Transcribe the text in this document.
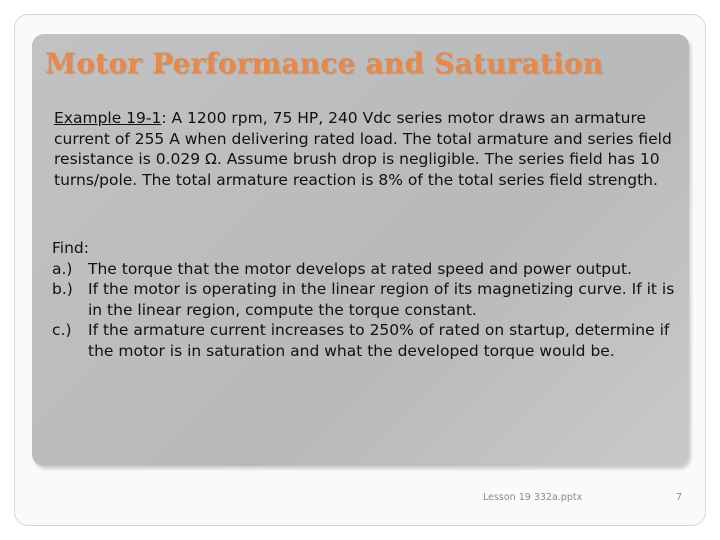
Motor Performance and Saturation

Example 19-1: A 1200 rpm, 75 HP, 240 Vdc series motor draws an armature current of 255 A when delivering rated load. The total armature and series field resistance is 0.029 Ω. Assume brush drop is negligible. The series field has 10 turns/pole. The total armature reaction is 8% of the total series field strength.

Find:

a.) The torque that the motor develops at rated speed and power output.
b.) If the motor is operating in the linear region of its magnetizing curve. If it is in the linear region, compute the torque constant.
c.) If the armature current increases to 250% of rated on startup, determine if the motor is in saturation and what the developed torque would be.
Lesson 19 332a.pptx	7
